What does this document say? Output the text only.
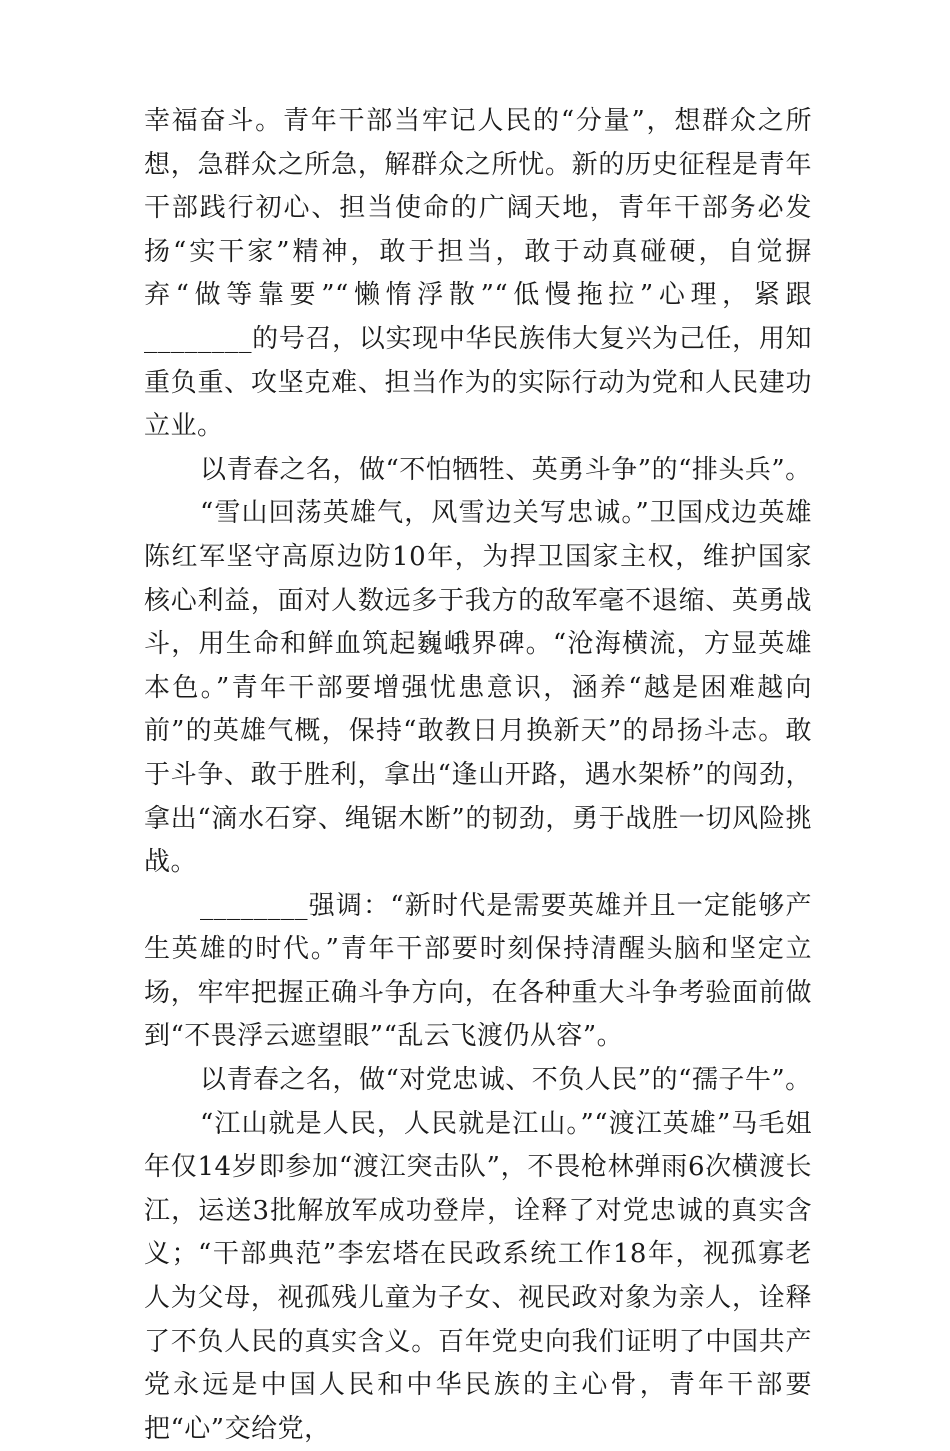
幸福奋斗。青年干部当牢记人民的“分量”，想群众之所想，急群众之所急，解群众之所忧。新的历史征程是青年干部践行初心、担当使命的广阔天地，青年干部务必发扬“实干家”精神，敢于担当，敢于动真碰硬，自觉摒弃“做等靠要”“懒惰浮散”“低慢拖拉”心理，紧跟 ________的号召，以实现中华民族伟大复兴为己任，用知重负重、攻坚克难、担当作为的实际行动为党和人民建功立业。

以青春之名，做“不怕牺牲、英勇斗争”的“排头兵”。

“雪山回荡英雄气，风雪边关写忠诚。”卫国戍边英雄陈红军坚守高原边防10年，为捍卫国家主权，维护国家核心利益，面对人数远多于我方的敌军毫不退缩、英勇战斗，用生命和鲜血筑起巍峨界碑。“沧海横流，方显英雄本色。”青年干部要增强忧患意识，涵养“越是困难越向前”的英雄气概，保持“敢教日月换新天”的昂扬斗志。敢于斗争、敢于胜利，拿出“逢山开路，遇水架桥”的闯劲，拿出“滴水石穿、绳锯木断”的韧劲，勇于战胜一切风险挑战。

________强调：“新时代是需要英雄并且一定能够产生英雄的时代。”青年干部要时刻保持清醒头脑和坚定立场，牢牢把握正确斗争方向，在各种重大斗争考验面前做到“不畏浮云遮望眼”“乱云飞渡仍从容”。

以青春之名，做“对党忠诚、不负人民”的“孺子牛”。

“江山就是人民，人民就是江山。”“渡江英雄”马毛姐年仅14岁即参加“渡江突击队”，不畏枪林弹雨6次横渡长江，运送3批解放军成功登岸，诠释了对党忠诚的真实含义；“干部典范”李宏塔在民政系统工作18年，视孤寡老人为父母，视孤残儿童为子女、视民政对象为亲人，诠释了不负人民的真实含义。百年党史向我们证明了中国共产党永远是中国人民和中华民族的主心骨，青年干部要把“心”交给党，
